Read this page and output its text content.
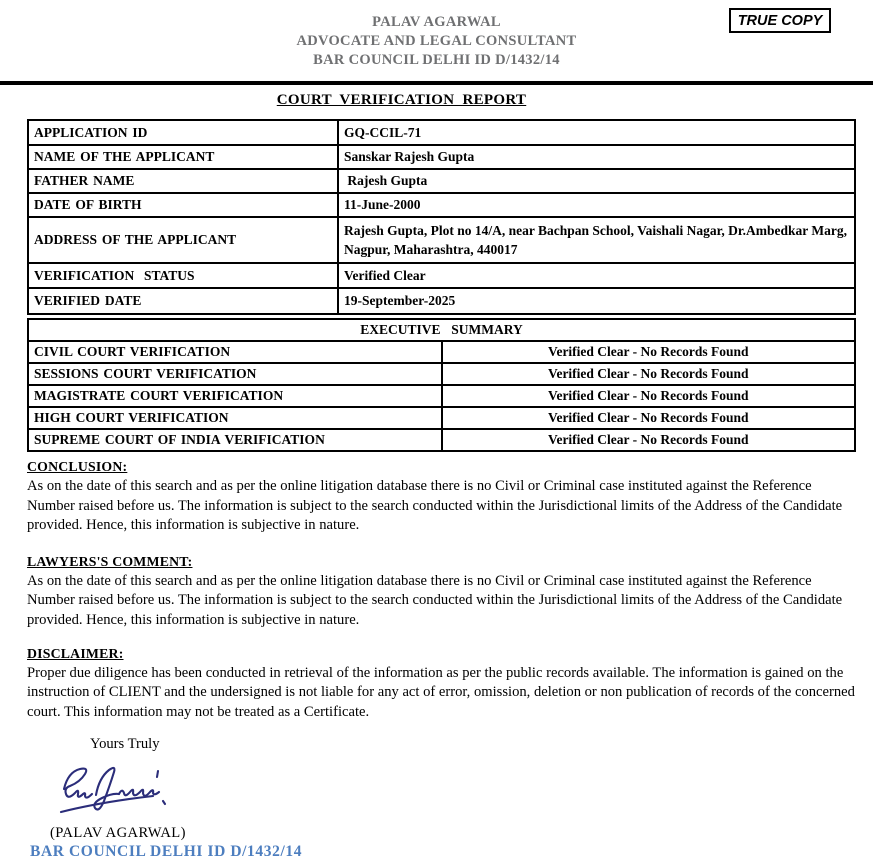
PALAV AGARWAL
ADVOCATE AND LEGAL CONSULTANT
BAR COUNCIL DELHI ID D/1432/14
TRUE COPY
COURT VERIFICATION REPORT
APPLICATION ID	GQ-CCIL-71
NAME OF THE APPLICANT	Sanskar Rajesh Gupta
FATHER NAME	Rajesh Gupta
DATE OF BIRTH	11-June-2000
ADDRESS OF THE APPLICANT	Rajesh Gupta, Plot no 14/A, near Bachpan School, Vaishali Nagar, Dr.Ambedkar Marg, Nagpur, Maharashtra, 440017
VERIFICATION  STATUS	Verified Clear
VERIFIED DATE	19-September-2025
EXECUTIVE  SUMMARY	
CIVIL COURT VERIFICATION	Verified Clear - No Records Found
SESSIONS COURT VERIFICATION	Verified Clear - No Records Found
MAGISTRATE COURT VERIFICATION	Verified Clear - No Records Found
HIGH COURT VERIFICATION	Verified Clear - No Records Found
SUPREME COURT OF INDIA VERIFICATION	Verified Clear - No Records Found
CONCLUSION:
As on the date of this search and as per the online litigation database there is no Civil or Criminal case instituted against the Reference Number raised before us. The information is subject to the search conducted within the Jurisdictional limits of the Address of the Candidate provided. Hence, this information is subjective in nature.
LAWYERS'S COMMENT:
As on the date of this search and as per the online litigation database there is no Civil or Criminal case instituted against the Reference Number raised before us. The information is subject to the search conducted within the Jurisdictional limits of the Address of the Candidate provided. Hence, this information is subjective in nature.
DISCLAIMER:
Proper due diligence has been conducted in retrieval of the information as per the public records available. The information is gained on the instruction of CLIENT and the undersigned is not liable for any act of error, omission, deletion or non publication of records of the concerned court. This information may not be treated as a Certificate.
Yours Truly
(PALAV AGARWAL)
BAR COUNCIL DELHI ID D/1432/14
